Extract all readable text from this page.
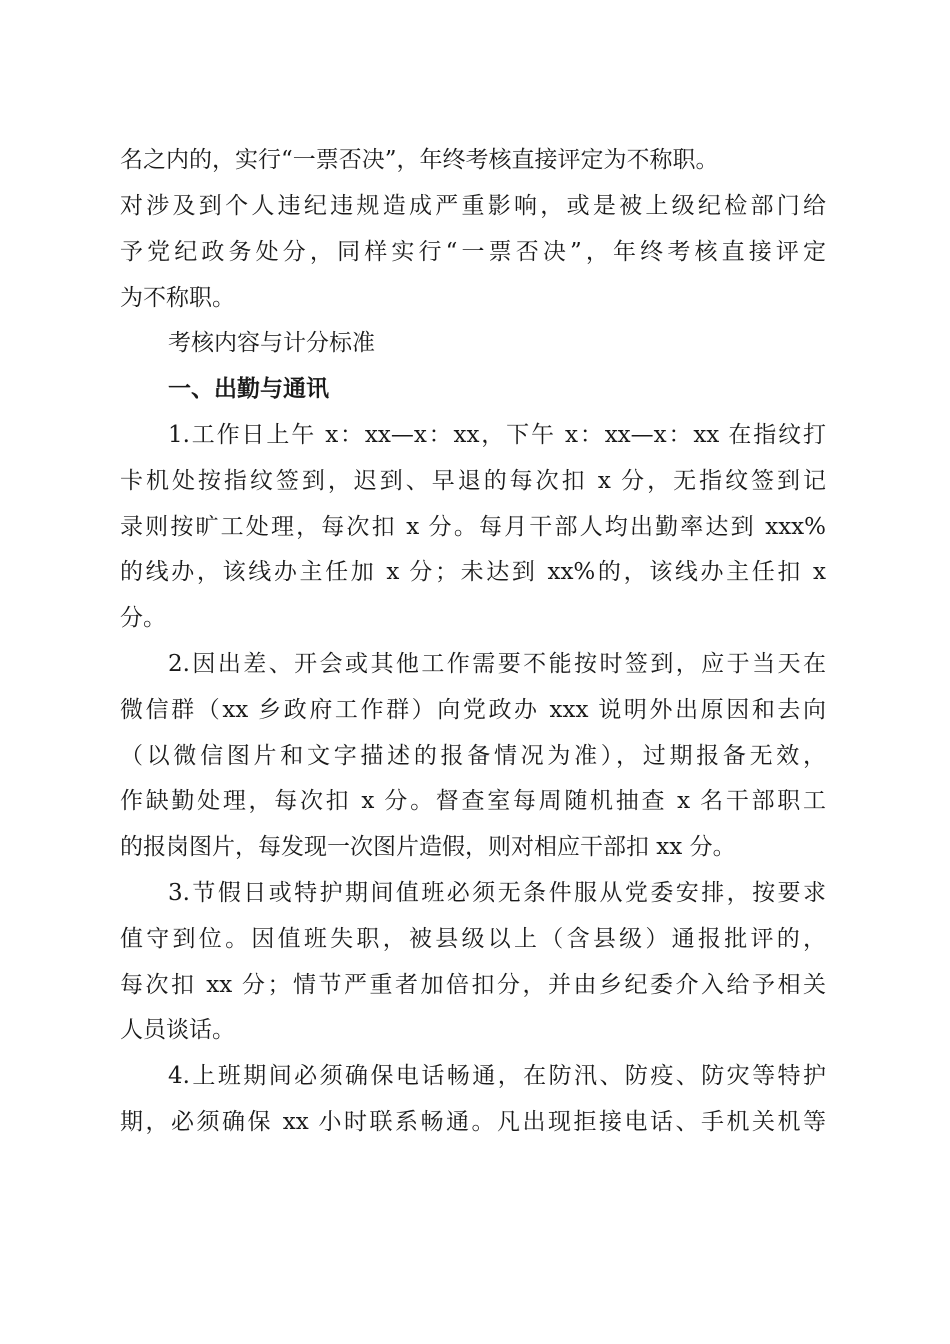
名之内的，实行“一票否决”，年终考核直接评定为不称职。
对涉及到个人违纪违规造成严重影响，或是被上级纪检部门给
予党纪政务处分，同样实行“一票否决”，年终考核直接评定
为不称职。
考核内容与计分标准
一、出勤与通讯
1.工作日上午 x：xx—x：xx，下午 x：xx—x：xx 在指纹打
卡机处按指纹签到，迟到、早退的每次扣 x 分，无指纹签到记
录则按旷工处理，每次扣 x 分。每月干部人均出勤率达到 xxx%
的线办，该线办主任加 x 分；未达到 xx%的，该线办主任扣 x
分。
2.因出差、开会或其他工作需要不能按时签到，应于当天在
微信群（xx 乡政府工作群）向党政办 xxx 说明外出原因和去向
（以微信图片和文字描述的报备情况为准），过期报备无效，
作缺勤处理，每次扣 x 分。督查室每周随机抽查 x 名干部职工
的报岗图片，每发现一次图片造假，则对相应干部扣 xx 分。
3.节假日或特护期间值班必须无条件服从党委安排，按要求
值守到位。因值班失职，被县级以上（含县级）通报批评的，
每次扣 xx 分；情节严重者加倍扣分，并由乡纪委介入给予相关
人员谈话。
4.上班期间必须确保电话畅通，在防汛、防疫、防灾等特护
期，必须确保 xx 小时联系畅通。凡出现拒接电话、手机关机等
